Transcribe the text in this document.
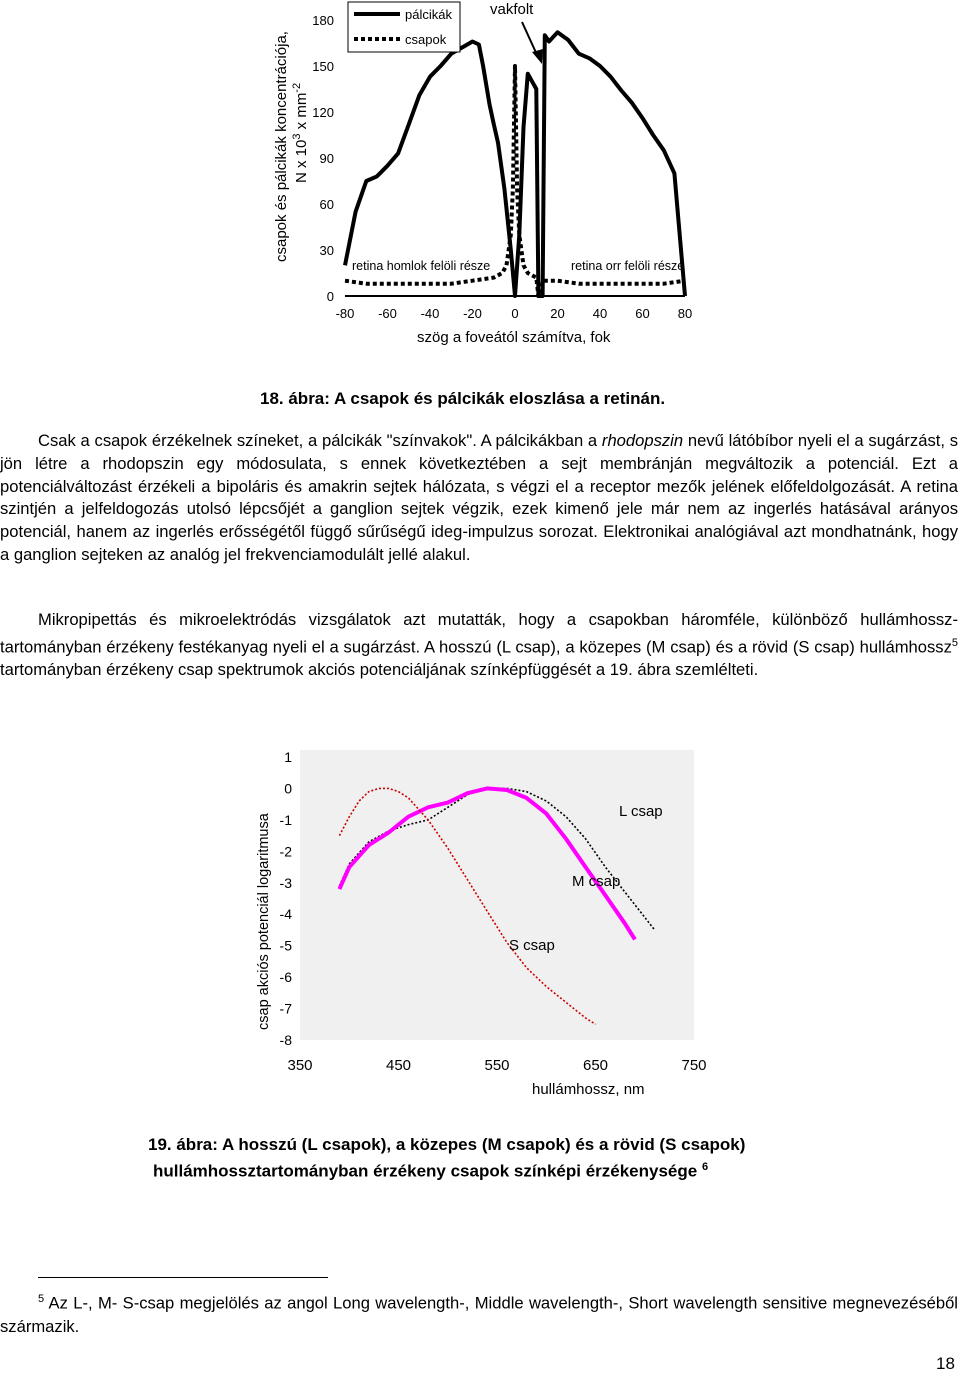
csapok és pálcikák koncentrációja, N x $10^3$ x $mm^{-2}$
0
30
60
90
120
150
180
-80 -60 -40 -20 0 20 40 60 80
pálcikák
csapok
vakfolt
retina homlok felöli része	retina orr felöli része
szög a foveától számítva, fok
18. ábra: A csapok és pálcikák eloszlása a retinán.

Csak a csapok érzékelnek színeket, a pálcikák "színvakok". A pálcikákban a rhodopszin nevű látóbíbor nyeli el a sugárzást, s jön létre a rhodopszin egy módosulata, s ennek következtében a sejt membránján megváltozik a potenciál. Ezt a potenciálváltozást érzékeli a bipoláris és amakrin sejtek hálózata, s végzi el a receptor mezők jelének előfeldolgozását. A retina szintjén a jelfeldogozás utolsó lépcsőjét a ganglion sejtek végzik, ezek kimenő jele már nem az ingerlés hatásával arányos potenciál, hanem az ingerlés erősségétől függő sűrűségű ideg-impulzus sorozat. Elektronikai analógiával azt mondhatnánk, hogy a ganglion sejteken az analóg jel frekvenciamodulált jellé alakul.

Mikropipettás és mikroelektródás vizsgálatok azt mutatták, hogy a csapokban háromféle, különböző hullámhossz-tartományban érzékeny festékanyag nyeli el a sugárzást. A hosszú (L csap), a közepes (M csap) és a rövid (S csap) hullámhossz$^5$ tartományban érzékeny csap spektrumok akciós potenciáljának színképfüggését a 19. ábra szemlélteti.

csap akciós potenciál logaritmusa
1
0
-1
-2
-3
-4
-5
-6
-7
-8
350	450	550	650	750
L csap
M csap
S csap
hullámhossz, nm
19. ábra: A hosszú (L csapok), a közepes (M csapok) és a rövid (S csapok)
hullámhossztartományban érzékeny csapok színképi érzékenysége $^6$
$^5$ Az L-, M- S-csap megjelölés az angol Long wavelength-, Middle wavelength-, Short wavelength sensitive megnevezéséből származik.
18
